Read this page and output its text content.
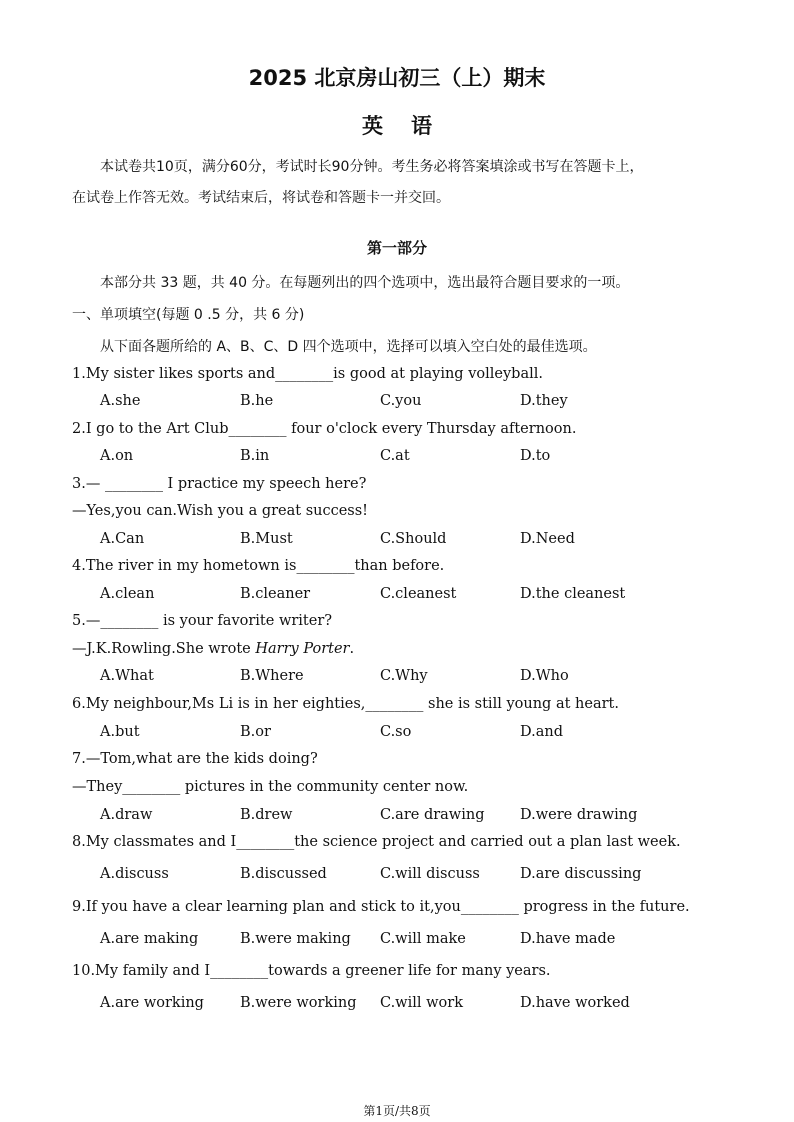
2025 北京房山初三（上）期末
英语
本试卷共10页，满分60分，考试时长90分钟。考生务必将答案填涂或书写在答题卡上，
在试卷上作答无效。考试结束后，将试卷和答题卡一并交回。
第一部分
本部分共 33 题，共 40 分。在每题列出的四个选项中，选出最符合题目要求的一项。
一、单项填空(每题 0 .5 分，共 6 分)
从下面各题所给的 A、B、C、D 四个选项中，选择可以填入空白处的最佳选项。
1.My sister likes sports and________is good at playing volleyball.
A.she	B.he	C.you	D.they
2.I go to the Art Club________ four o'clock every Thursday afternoon.
A.on	B.in	C.at	D.to
3.— ________ I practice my speech here?
—Yes,you can.Wish you a great success!
A.Can	B.Must	C.Should	D.Need
4.The river in my hometown is________than before.
A.clean	B.cleaner	C.cleanest	D.the cleanest
5.—________ is your favorite writer?
—J.K.Rowling.She wrote Harry Porter.
A.What	B.Where	C.Why	D.Who
6.My neighbour,Ms Li is in her eighties,________ she is still young at heart.
A.but	B.or	C.so	D.and
7.—Tom,what are the kids doing?
—They________ pictures in the community center now.
A.draw	B.drew	C.are drawing D.were drawing
8.My classmates and I________the science project and carried out a plan last week.
A.discuss	B.discussed	C.will discuss	D.are discussing
9.If you have a clear learning plan and stick to it,you________ progress in the future.
A.are making	B.were making C.will make	D.have made
10.My family and I________towards a greener life for many years.
A.are working B.were working C.will work	D.have worked
第1页/共8页
